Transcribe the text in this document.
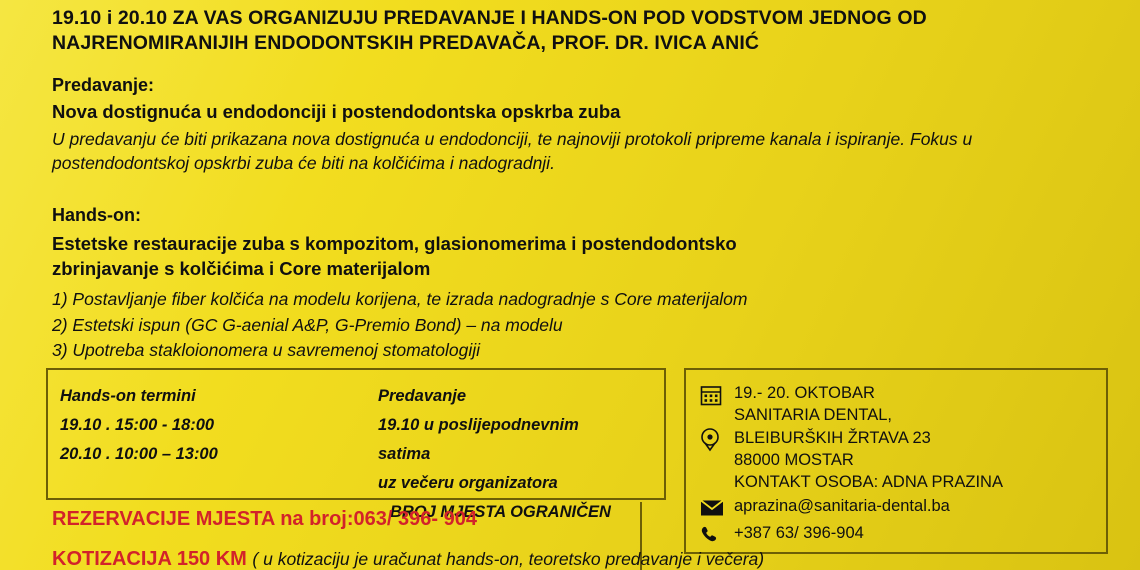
19.10 i 20.10 ZA VAS ORGANIZUJU PREDAVANJE I HANDS-ON POD VODSTVOM JEDNOG OD NAJRENOMIRANIJIH ENDODONTSKIH PREDAVAČA, PROF. DR. IVICA ANIĆ
Predavanje:
Nova dostignuća u endodonciji i postendodontska opskrba zuba
U predavanju će biti prikazana nova dostignuća u endodonciji, te najnoviji protokoli pripreme kanala i ispiranje. Fokus u postendodontskoj opskrbi zuba će biti na kolčićima i nadogradnji.
Hands-on:
Estetske restauracije zuba s kompozitom, glasionomerima i postendodontsko
zbrinjavanje s kolčićima i Core materijalom
1) Postavljanje fiber kolčića na modelu korijena, te izrada nadogradnje s Core materijalom
2) Estetski ispun (GC G-aenial A&P, G-Premio Bond) – na modelu
3) Upotreba stakloionomera u savremenoj stomatologiji
Hands-on termini
19.10 . 15:00 - 18:00
20.10 . 10:00 – 13:00
Predavanje
19.10 u poslijepodnevnim
satima
uz večeru organizatora
BROJ MJESTA OGRANIČEN
19.- 20. OKTOBAR
SANITARIA DENTAL,
BLEIBURŠKIH ŽRTAVA 23
88000 MOSTAR
KONTAKT OSOBA: ADNA PRAZINA
aprazina@sanitaria-dental.ba
+387 63/ 396-904
REZERVACIJE MJESTA na broj:063/ 396- 904
KOTIZACIJA 150 KM ( u kotizaciju je uračunat hands-on, teoretsko predavanje i večera)
